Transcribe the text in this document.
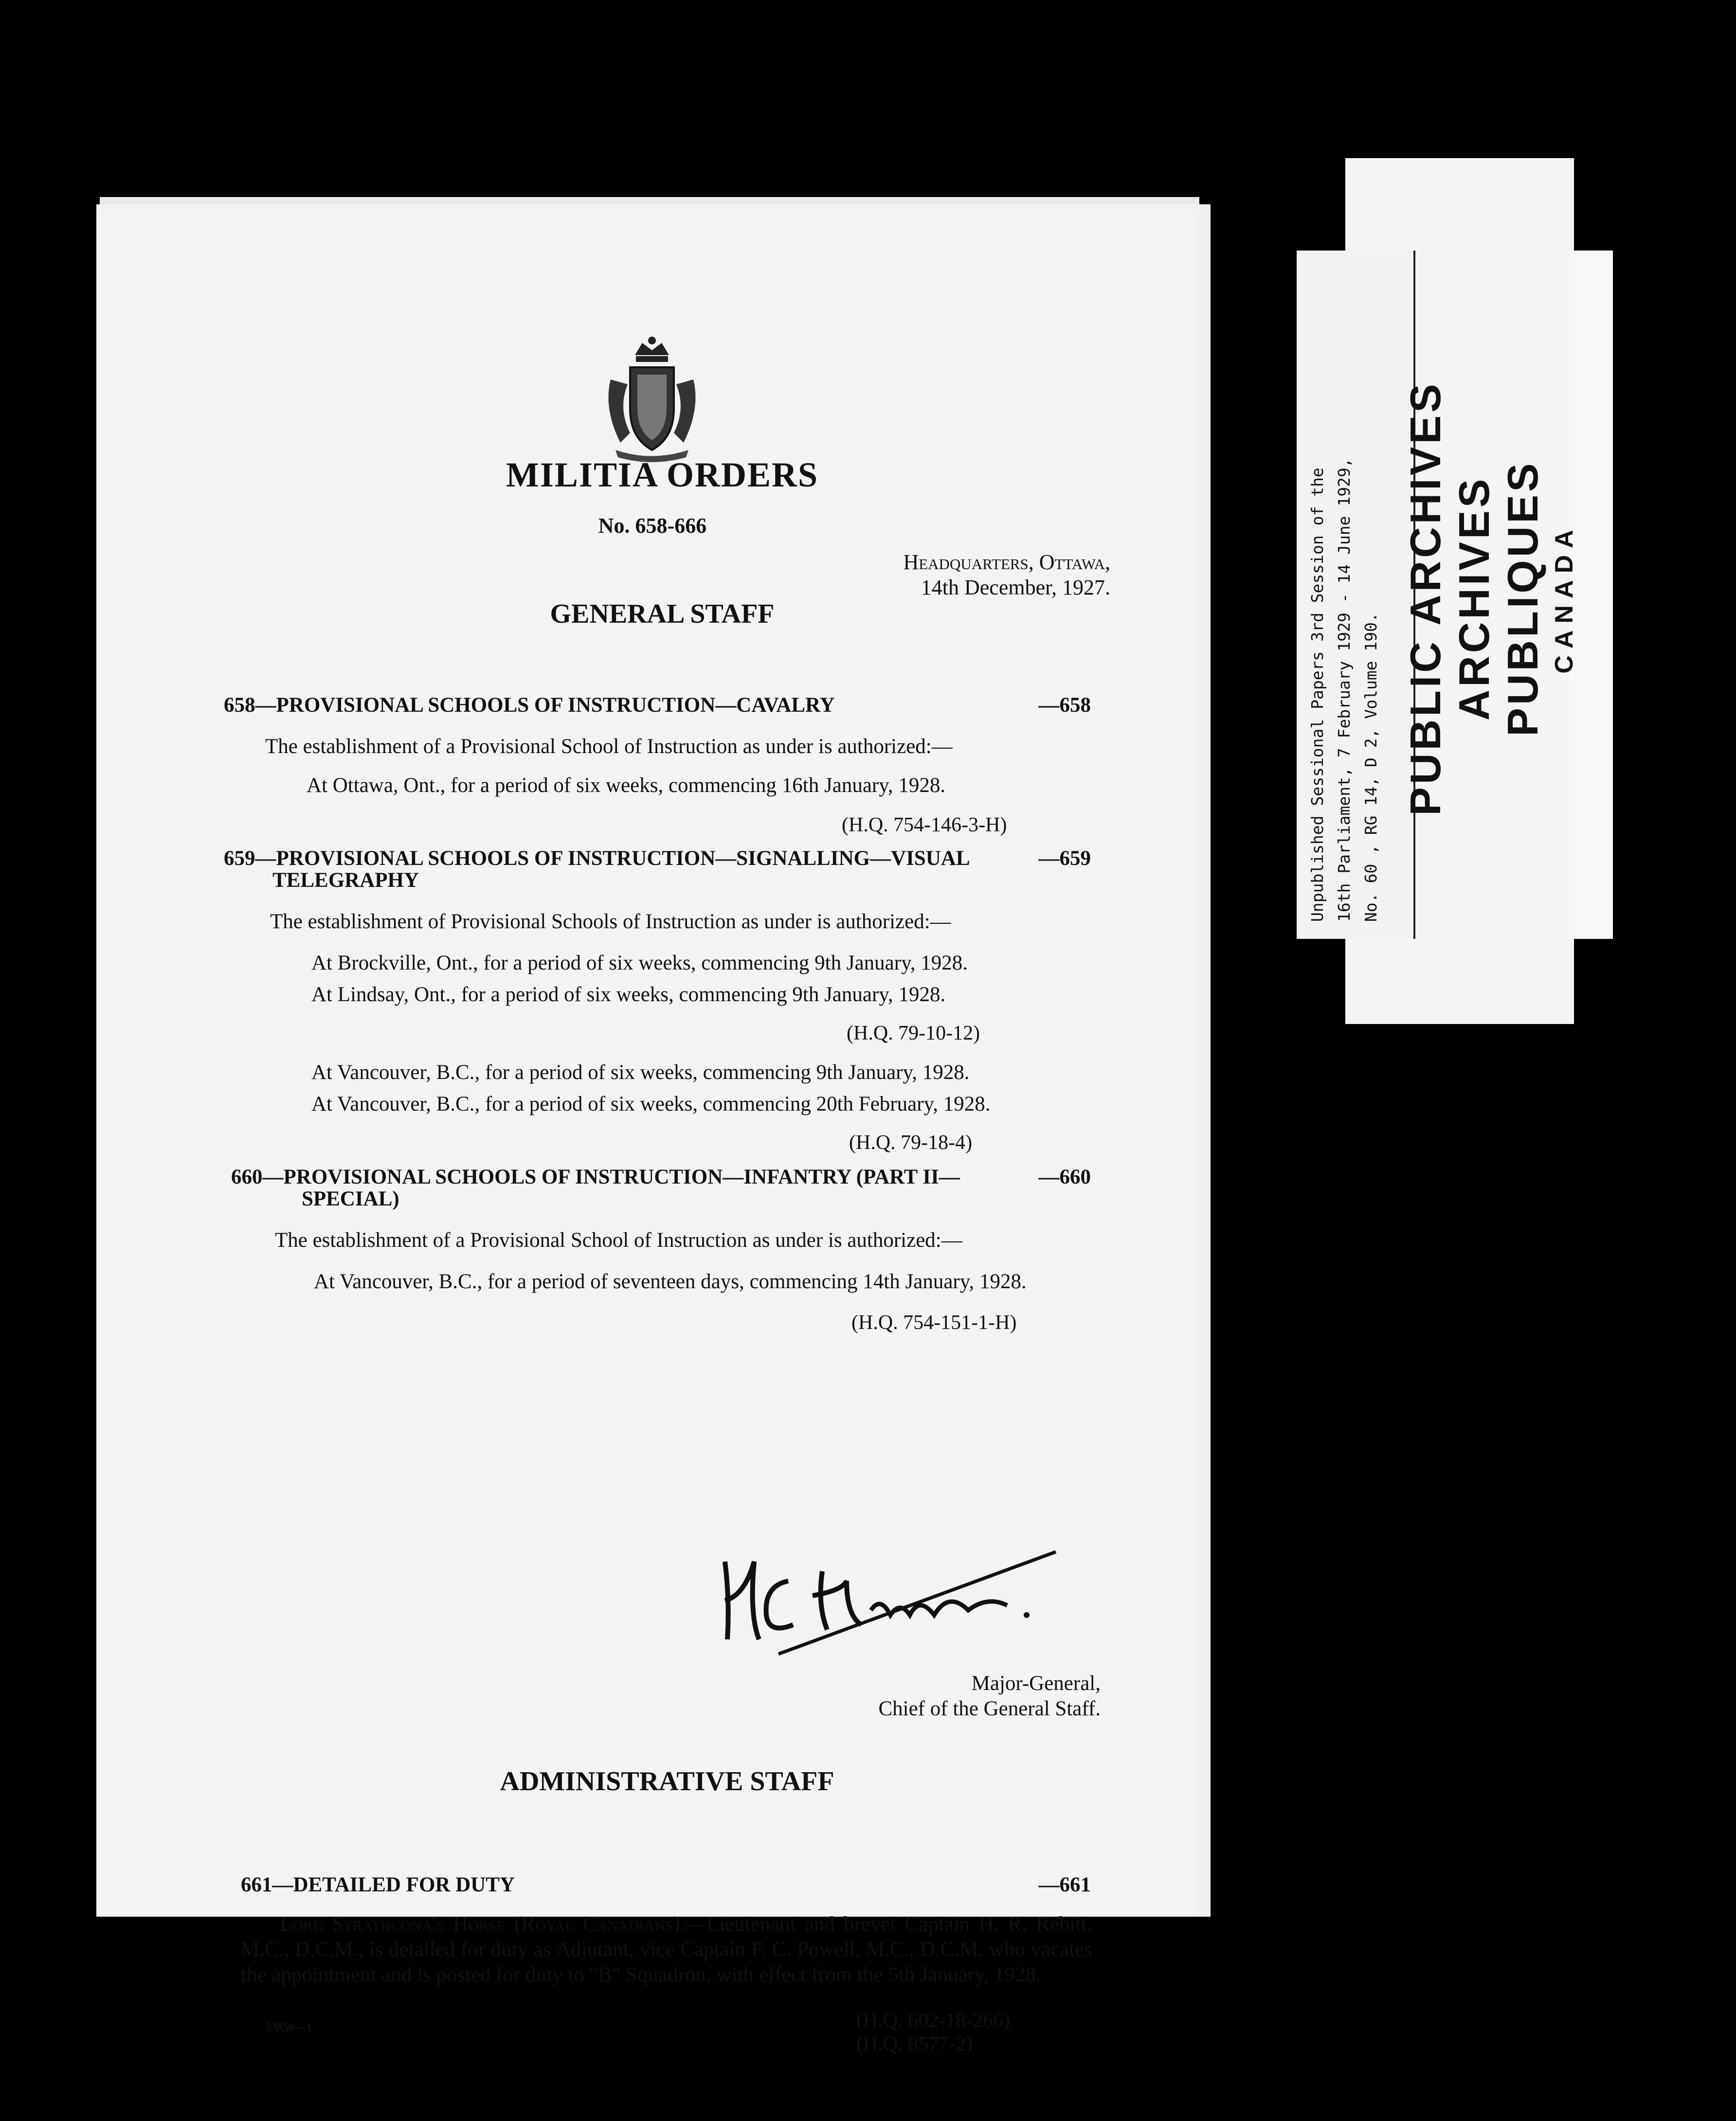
Unpublished Sessional Papers 3rd Session of the 16th Parliament, 7 February 1929 - 14 June 1929, No. 60 , RG 14, D 2, Volume 190. PUBLIC ARCHIVES ARCHIVES PUBLIQUES CANADA
MILITIA ORDERS
No. 658-666
Headquarters, Ottawa,
14th December, 1927.
GENERAL STAFF
658—PROVISIONAL SCHOOLS OF INSTRUCTION—CAVALRY	—658
The establishment of a Provisional School of Instruction as under is authorized:—
At Ottawa, Ont., for a period of six weeks, commencing 16th January, 1928.
(H.Q. 754-146-3-H)
659—PROVISIONAL SCHOOLS OF INSTRUCTION—SIGNALLING—VISUAL	—659
TELEGRAPHY
The establishment of Provisional Schools of Instruction as under is authorized:—
At Brockville, Ont., for a period of six weeks, commencing 9th January, 1928.
At Lindsay, Ont., for a period of six weeks, commencing 9th January, 1928.
(H.Q. 79-10-12)
At Vancouver, B.C., for a period of six weeks, commencing 9th January, 1928.
At Vancouver, B.C., for a period of six weeks, commencing 20th February, 1928.
(H.Q. 79-18-4)
660—PROVISIONAL SCHOOLS OF INSTRUCTION—INFANTRY (PART II—	—660
SPECIAL)
The establishment of a Provisional School of Instruction as under is authorized:—
At Vancouver, B.C., for a period of seventeen days, commencing 14th January, 1928.
(H.Q. 754-151-1-H)
Major-General,
Chief of the General Staff.
ADMINISTRATIVE STAFF
661—DETAILED FOR DUTY	—661
Lord Strathcona's Horse (Royal Canadians).—Lieutenant and brevet Captain H. R. Rebitt, M.C., D.C.M., is detailed for duty as Adjutant, vice Captain F. C. Powell, M.C., D.C.M. who vacates the appointment and is posted for duty to "B" Squadron, with effect from the 5th January, 1928.
(H.Q. 602-18-266)
(H.Q. 8577-2)
53850—1
